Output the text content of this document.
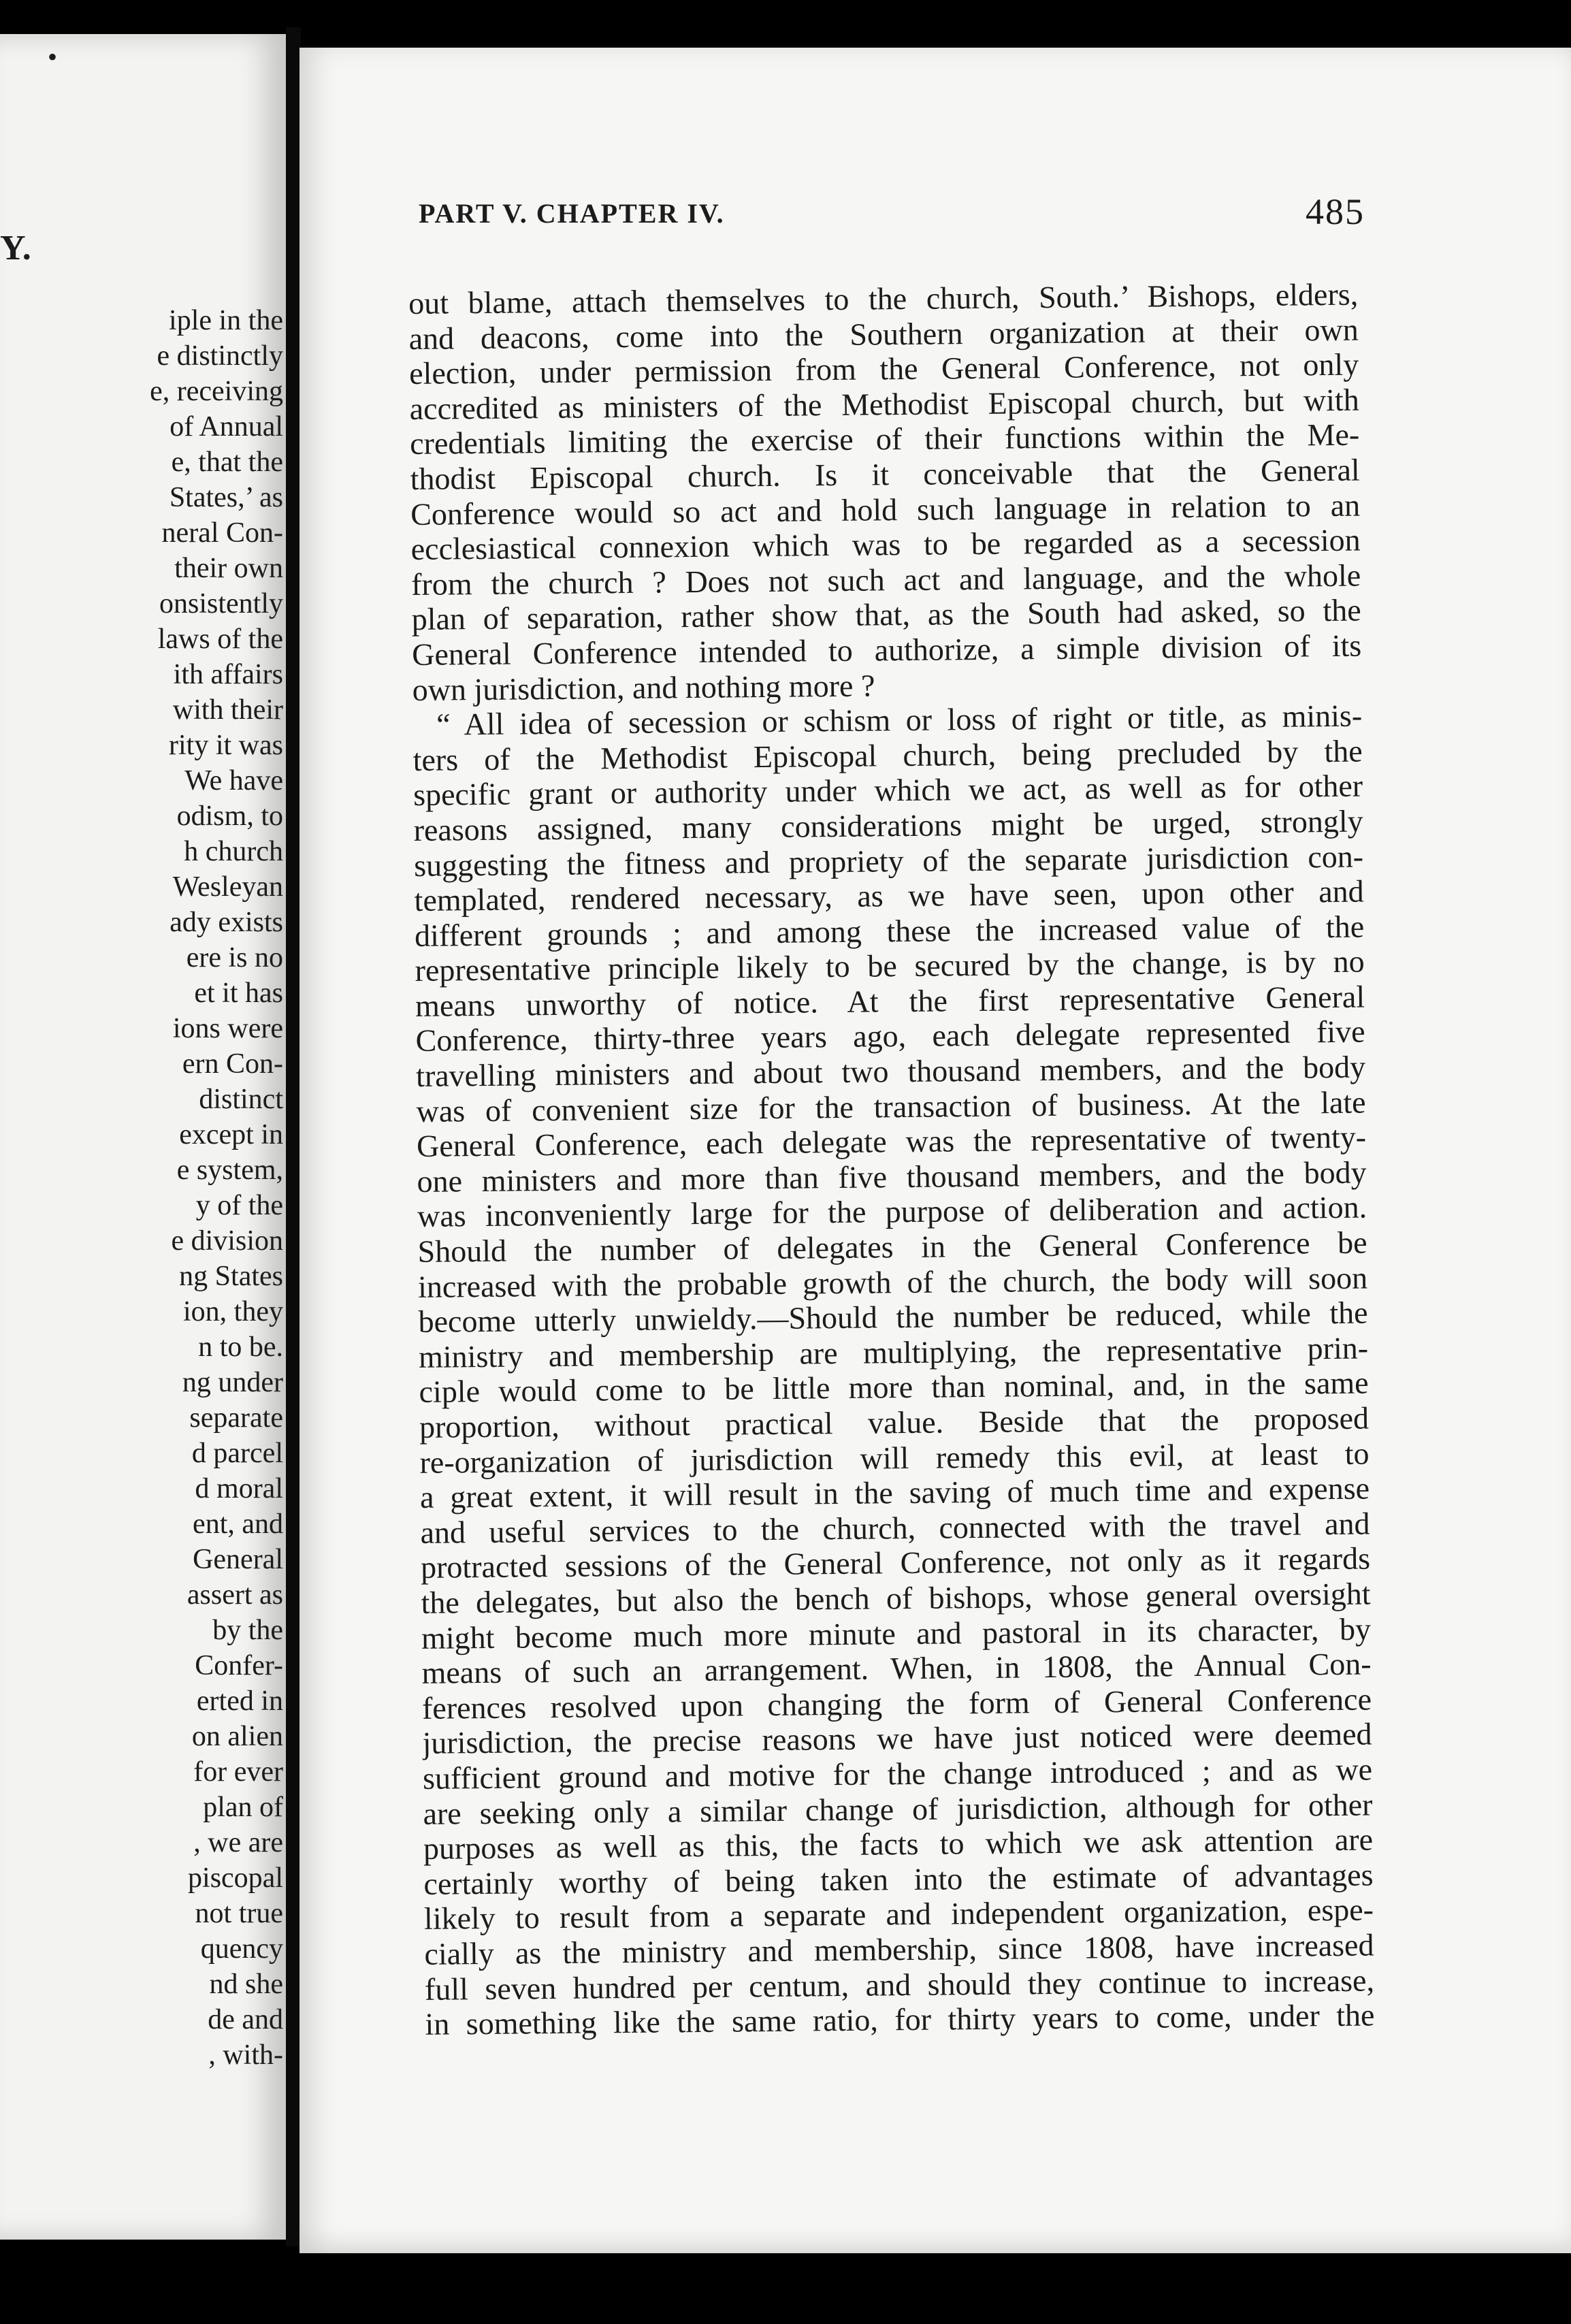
•
Y.
iple in the
e distinctly
e, receiving
of Annual
e, that the
States,’ as
neral Con-
their own
onsistently
laws of the
ith affairs
with their
rity it was
We have
odism, to
h church
Wesleyan
ady exists
ere is no
et it has
ions were
ern Con-
distinct
except in
e system,
y of the
e division
ng States
ion, they
n to be.
ng under
separate
d parcel
d moral
ent, and
General
assert as
by the
Confer-
erted in
on alien
for ever
plan of
, we are
piscopal
not true
quency
nd she
de and
, with-
PART V. CHAPTER IV.	485
out blame, attach themselves to the church, South.’ Bishops, elders,
and deacons, come into the Southern organization at their own
election, under permission from the General Conference, not only
accredited as ministers of the Methodist Episcopal church, but with
credentials limiting the exercise of their functions within the Me-
thodist Episcopal church. Is it conceivable that the General
Conference would so act and hold such language in relation to an
ecclesiastical connexion which was to be regarded as a secession
from the church ? Does not such act and language, and the whole
plan of separation, rather show that, as the South had asked, so the
General Conference intended to authorize, a simple division of its
own jurisdiction, and nothing more ?
“ All idea of secession or schism or loss of right or title, as minis-
ters of the Methodist Episcopal church, being precluded by the
specific grant or authority under which we act, as well as for other
reasons assigned, many considerations might be urged, strongly
suggesting the fitness and propriety of the separate jurisdiction con-
templated, rendered necessary, as we have seen, upon other and
different grounds ; and among these the increased value of the
representative principle likely to be secured by the change, is by no
means unworthy of notice. At the first representative General
Conference, thirty-three years ago, each delegate represented five
travelling ministers and about two thousand members, and the body
was of convenient size for the transaction of business. At the late
General Conference, each delegate was the representative of twenty-
one ministers and more than five thousand members, and the body
was inconveniently large for the purpose of deliberation and action.
Should the number of delegates in the General Conference be
increased with the probable growth of the church, the body will soon
become utterly unwieldy.—Should the number be reduced, while the
ministry and membership are multiplying, the representative prin-
ciple would come to be little more than nominal, and, in the same
proportion, without practical value. Beside that the proposed
re-organization of jurisdiction will remedy this evil, at least to
a great extent, it will result in the saving of much time and expense
and useful services to the church, connected with the travel and
protracted sessions of the General Conference, not only as it regards
the delegates, but also the bench of bishops, whose general oversight
might become much more minute and pastoral in its character, by
means of such an arrangement. When, in 1808, the Annual Con-
ferences resolved upon changing the form of General Conference
jurisdiction, the precise reasons we have just noticed were deemed
sufficient ground and motive for the change introduced ; and as we
are seeking only a similar change of jurisdiction, although for other
purposes as well as this, the facts to which we ask attention are
certainly worthy of being taken into the estimate of advantages
likely to result from a separate and independent organization, espe-
cially as the ministry and membership, since 1808, have increased
full seven hundred per centum, and should they continue to increase,
in something like the same ratio, for thirty years to come, under the
